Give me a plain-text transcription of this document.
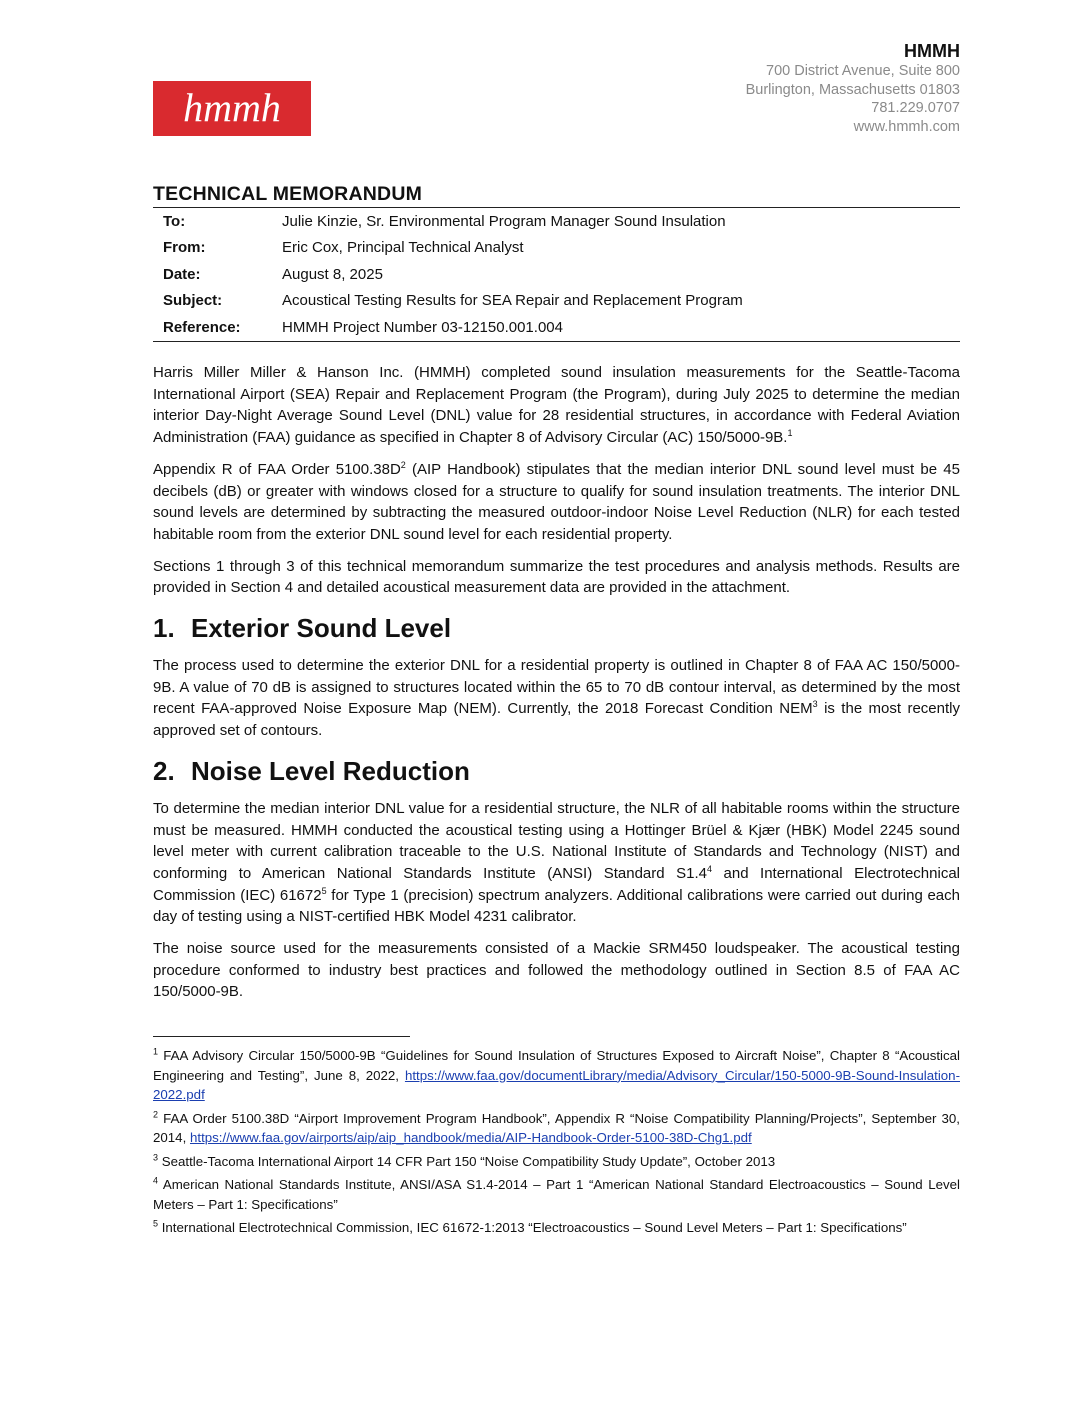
hmmh
HMMH
700 District Avenue, Suite 800
Burlington, Massachusetts 01803
781.229.0707
www.hmmh.com
TECHNICAL MEMORANDUM
To:	Julie Kinzie, Sr. Environmental Program Manager Sound Insulation
From:	Eric Cox, Principal Technical Analyst
Date:	August 8, 2025
Subject:	Acoustical Testing Results for SEA Repair and Replacement Program
Reference:	HMMH Project Number 03-12150.001.004

Harris Miller Miller & Hanson Inc. (HMMH) completed sound insulation measurements for the Seattle-Tacoma International Airport (SEA) Repair and Replacement Program (the Program), during July 2025 to determine the median interior Day-Night Average Sound Level (DNL) value for 28 residential structures, in accordance with Federal Aviation Administration (FAA) guidance as specified in Chapter 8 of Advisory Circular (AC) 150/5000-9B.$^1$

Appendix R of FAA Order $5100.38D^2$ (AIP Handbook) stipulates that the median interior DNL sound level must be 45 decibels (dB) or greater with windows closed for a structure to qualify for sound insulation treatments. The interior DNL sound levels are determined by subtracting the measured outdoor-indoor Noise Level Reduction (NLR) for each tested habitable room from the exterior DNL sound level for each residential property.

Sections 1 through 3 of this technical memorandum summarize the test procedures and analysis methods. Results are provided in Section 4 and detailed acoustical measurement data are provided in the attachment.

1. Exterior Sound Level

The process used to determine the exterior DNL for a residential property is outlined in Chapter 8 of FAA AC 150/5000-9B. A value of 70 dB is assigned to structures located within the 65 to 70 dB contour interval, as determined by the most recent FAA-approved Noise Exposure Map (NEM). Currently, the 2018 Forecast Condition NEM$^3$ is the most recently approved set of contours.

2. Noise Level Reduction

To determine the median interior DNL value for a residential structure, the NLR of all habitable rooms within the structure must be measured. HMMH conducted the acoustical testing using a Hottinger Brüel & Kjær (HBK) Model 2245 sound level meter with current calibration traceable to the U.S. National Institute of Standards and Technology (NIST) and conforming to American National Standards Institute (ANSI) Standard $S1.4^4$ and International Electrotechnical Commission (IEC) 61672$^5$ for Type 1 (precision) spectrum analyzers. Additional calibrations were carried out during each day of testing using a NIST-certified HBK Model 4231 calibrator.

The noise source used for the measurements consisted of a Mackie SRM450 loudspeaker. The acoustical testing procedure conformed to industry best practices and followed the methodology outlined in Section 8.5 of FAA AC 150/5000-9B.

$^1$ FAA Advisory Circular 150/5000-9B “Guidelines for Sound Insulation of Structures Exposed to Aircraft Noise”, Chapter 8 “Acoustical Engineering and Testing”, June 8, 2022, https://www.faa.gov/documentLibrary/media/Advisory_Circular/150-5000-9B-Sound-Insulation-2022.pdf
$^2$ FAA Order 5100.38D “Airport Improvement Program Handbook”, Appendix R “Noise Compatibility Planning/Projects”, September 30, 2014, https://www.faa.gov/airports/aip/aip_handbook/media/AIP-Handbook-Order-5100-38D-Chg1.pdf
$^3$ Seattle-Tacoma International Airport 14 CFR Part 150 “Noise Compatibility Study Update”, October 2013
$^4$ American National Standards Institute, ANSI/ASA S1.4-2014 – Part 1 “American National Standard Electroacoustics – Sound Level Meters – Part 1: Specifications”
$^5$ International Electrotechnical Commission, IEC 61672-1:2013 “Electroacoustics – Sound Level Meters – Part 1: Specifications”
